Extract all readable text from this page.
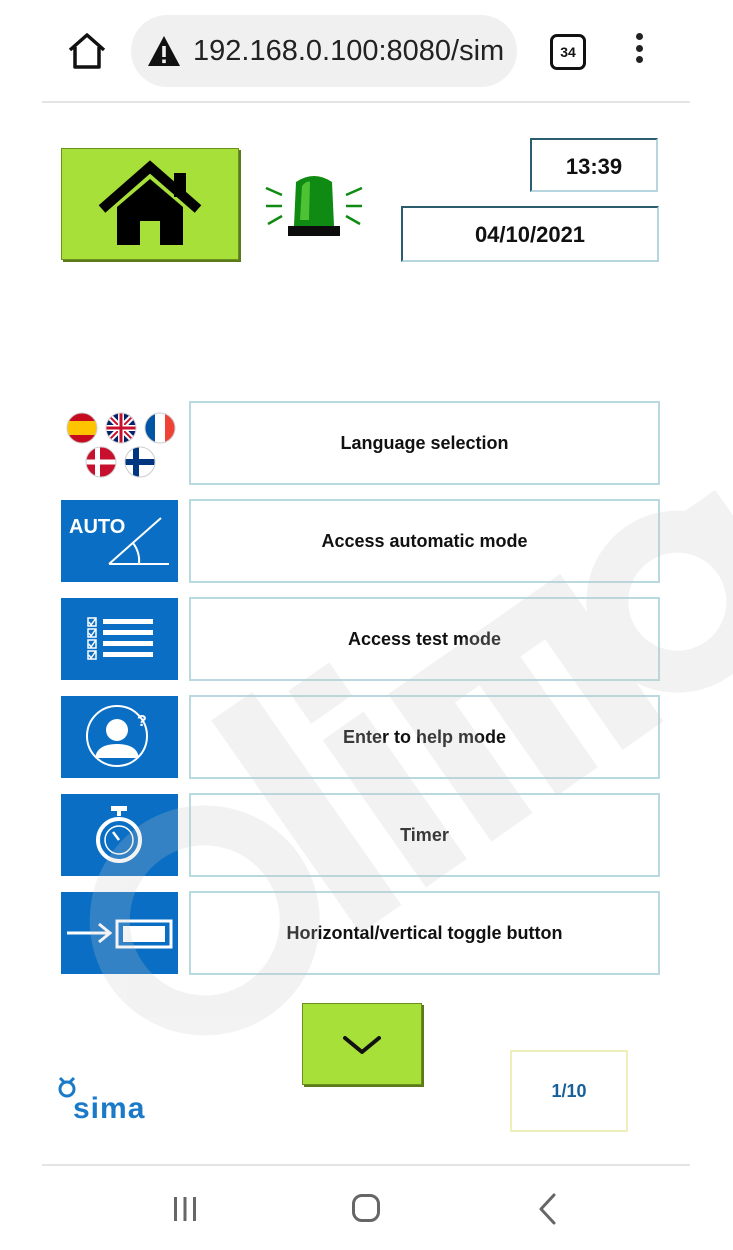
192.168.0.100:8080/sim	34
13:39
04/10/2021
Language selection
AUTO
Access automatic mode
Access test mode
?
Enter to help mode
Timer
Horizontal/vertical toggle button
sima
1/10
